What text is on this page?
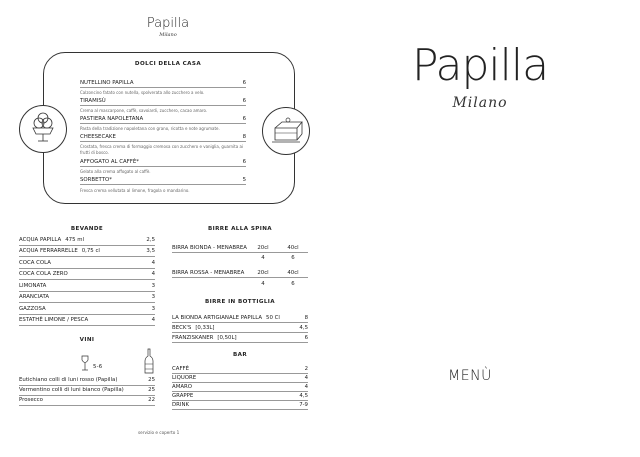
Papilla
Milano
DOLCI DELLA CASA
NUTELLINO PAPILLA	6
Calzoncino fatato con nutella, spolverata allo zucchero a velo.
TIRAMISÙ	6
Crema al mascarpone, caffè, savoiardi, zucchero, cacao amaro.
PASTIERA NAPOLETANA	6
Pasta della tradizione napoletana con grano, ricotta e note agrumate.
CHEESECAKE	8
Crostata, fresca crema di formaggio cremosa con zucchero e vaniglia, guarnita ai frutti di bosco.
AFFOGATO AL CAFFÈ*	6
Gelato alla crema affogato al caffè.
SORBETTO*	5
Fresca crema vellutata al limone, fragola o mandarino.
BEVANDE
ACQUA PAPILLA 475 ml	2,5
ACQUA FERRARRELLE 0,75 cl	3,5
COCA COLA	4
COCA COLA ZERO	4
LIMONATA	3
ARANCIATA	3
GAZZOSA	3
ESTATHÈ LIMONE / PESCA	4
VINI
5-6
Eutichiano colli di luni rosso (Papilla)	25
Vermentino colli di luni bianco (Papilla)	25
Prosecco	22
BIRRE ALLA SPINA
BIRRA BIONDA - MENABREA	20cl	40cl
4	6
BIRRA ROSSA - MENABREA	20cl	40cl
4	6
BIRRE IN BOTTIGLIA
LA BIONDA ARTIGIANALE PAPILLA 50 Cl	8
BECK'S [0,33L]	4,5
FRANZISKANER [0,50L]	6
BAR
CAFFÈ	2
LIQUORE	4
AMARO	4
GRAPPE	4,5
DRINK	7-9
servizio e coperto 1
Papilla
Milano
MENÙ
